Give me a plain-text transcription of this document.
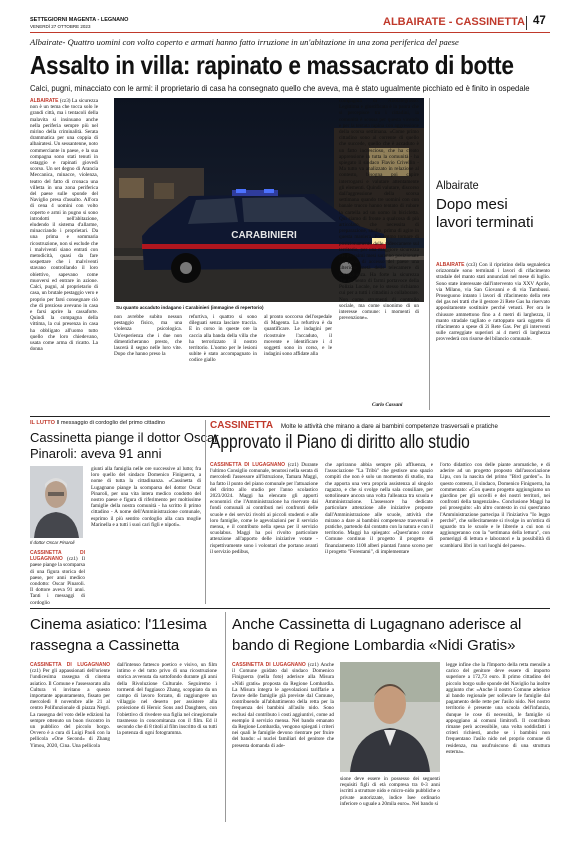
SETTEGIORNI MAGENTA - LEGNANO
VENERDÌ 27 OTTOBRE 2023	ALBAIRATE - CASSINETTA 47
Albairate- Quattro uomini con volto coperto e armati hanno fatto irruzione in un'abitazione in una zona periferica del paese
Assalto in villa: rapinato e massacrato di botte
Calci, pugni, minacciato con le armi: il proprietario di casa ha consegnato quello che aveva, ma è stato ugualmente picchiato ed è finito in ospedale
ALBAIRATE (cz3) La sicurezza non è un tema che tocca solo le grandi città, ma i tentacoli della malavita si insinuano anche nella periferia sempre più nel mirino della criminalità. Serata drammatica per una coppia di albairatesi. Un sessantenne, noto commerciante in paese, e la sua compagna sono stati tenuti in ostaggio e rapinati giovedì scorso. Un set degno di Arancia Meccanica, minacce, violenza, teatro del fatto di cronaca una villetta in una zona periferica del paese sulle sponde del Naviglio presa d'assalto. All'ora di cena 4 uomini con volto coperto e armi in pugno si sono introdotti nell'abitazione, eludendo il sistema d'allarme, minacciando i proprietari. Da una prima e sommaria ricostruzione, non si esclude che i malviventi siano entrati con metodicità, quasi da fare sospettare che i malviventi stavano controllando il loro obiettivo, sapevano come muoversi ed entrare in azione. Calci, pugni, al proprietario di casa, un brutale pestaggio vero e proprio per farsi consegnare ciò che di prezioso avevano in casa e farsi aprire la cassaforte. Quindi la compagna della vittima, la cui presenza in casa ha obbligato all'uomo tutto quello che loro chiedevano, usata come arma di ricatto. La donna
CARABINIERI
Su quanto accaduto indagano i Carabinieri (immagine di repertorio)
non avrebbe subito nessun pestaggio fisico, ma una violenza psicologica. Un'esperienza che i due non dimenticheranno presto, che lascerà il segno nelle loro vite. Dopo che hanno preso la
refurtiva, i quattro si sono dileguati senza lasciare traccia. E in corso in queste ore la caccia alla banda della villa che ha terrorizzato il nostro territorio. L'uomo per le lesioni subite è stato accompagnato in codice giallo
al pronto soccorso dell'ospedale di Magenta. La refurtiva è da quantificare. Le indagini per ricostruire l'accaduto, il movente e identificare i 4 soggetti sono in corso, e le indagini sono affidate alla
compagnia di Abbiategrasso. Legittima e giustificata è la paura che si percepisce tra i cittadini, la comunità è scossa per questa vicenda e per la tentata rapina con aggressione della scorsa settimana. «Come primo cittadino sono al corrente di quello che succede, quello che è accaduto è un fatto increscioso, che ha creato apprensione in tutta la comunità - ha spiegato il sindaco Flavio Crivellin - Ma tutto va analizzato in relazione al contesto, bisogna poi capire interrogarsi e valutare attentamente gli elementi. Quindi valutare, discorso dall'aggressione della scorsa settimana quando tre uomini con con banale trucco hanno tentato di rubare la cartella ad un uomo in bicicletta. Qui siamo di fronte a qualcosa di più articolato, che necessita di preparazione, studio, prima di agire in questa maniera. Potremmo tornare di posizionamento delle videocamere sul territorio, per una maggiore sicurezza nei prossimi mesi saranno posizionate sui punti di accesso del paese una ulteriore metà delle telecamere di sorveglianza. Ha forte la sicurezza che mi sento di farmi portavoce della Polizia Locale, ne lo stesso richiamo cui per a tutti i cittadini a collaborare. Non come strumenti di controllo sociale, ma come sinonimo di un interesse comune: i momenti di prevenzione».
Carlo Cassani
Albairate
Dopo mesi lavori terminati
ALBAIRATE (cz3) Con il ripristino della segnaletica orizzontale sono terminati i lavori di rifacimento stradale del manto stati annunciati nel mese di luglio. Sono state interessate dall'intervento via XXV Aprile, via Milano, via San Giovanni e di via Tambussi. Proseguono intanto i lavori di rifacimento della rete del gas nei tratti che il gestore 2i Rete Gas ha riservato appositamente sostituire perché vetusti. Per ora le chiusure ammettono fino a 4 metri di larghezza, il manto stradale tagliato e rattoppato sarà oggetto di rifacimento a spese di 2i Rete Gas. Per gli interventi sulle carreggiate superiori ai 4 metri di larghezza provvederà con risorse del bilancio comunale.
IL LUTTO Il messaggio di cordoglio del primo cittadino
Cassinetta piange il dottor Oscar Pinaroli: aveva 91 anni
Il dottor Oscar Pinaroli
CASSINETTA DI LUGAGNANO (cz1) Il paese piange la scomparsa di una figura storica del paese, per anni medico condotto: Oscar Pinaroli. Il dottore aveva 91 anni. Tanti i messaggi di cordoglio
giunti alla famiglia nelle ore successive al lutto; fra loro quello del sindaco Domenico Finiguerra, a nome di tutta la cittadinanza. «Cassinetta di Lugagnano piange la scomparsa del dottor Oscar Pinaroli, per una vita intera medico condotto del nostro paese e figura di riferimento per moltissime famiglie della nostra comunità - ha scritto il primo cittadino - A nome dell'Amministrazione comunale, esprimo il più sentito cordoglio alla cara moglie Marinella e a tutti i suoi cari figli e nipoti».
CASSINETTA Molte le attività che mirano a dare ai bambini competenze trasversali e pratiche
Approvato il Piano di diritto allo studio
CASSINETTA DI LUGAGNANO (cz1) Durante l'ultimo Consiglio comunale, tenutosi nella serata di mercoledì l'assessore all'Istruzione, Tamara Maggi, ha fatto il punto del piano comunale per l'attuazione del diritto allo studio per l'anno scolastico 2023/2024. Maggi ha elencato gli apporti economici che l'Amministrazione ha riservato dai fondi comunali ai contributi nei confronti delle scuole e dei servizi rivolti ai piccoli studenti e alle loro famiglie, come le agevolazioni per il servizio mensa, e il contributo nella spesa per il servizio scuolabus. Maggi ha poi rivolto particolare attenzione all'apporto delle iniziative votate - rispettivamente sono i volontari che portano avanti il servizio pedibus,
che apriranno abbia sempre più affluenza, e l'associazione "La Tribù" che gestisce uno spazio compiti che non è solo un momento di studio, ma che apporta una vera propria assistenza al singolo ragazzo, e che si svolge nella sala consiliare, per sottolineare ancora una volta l'alleanza tra scuola e Amministrazione. L'assessore ha dedicato particolare attenzione alle iniziative proposte dall'Amministrazione alle scuole, attività che mirano a dare ai bambini competenze trasversali e pratiche, partendo dal contatto con la natura e con il territorio. Maggi ha spiegato: «Quest'anno come Comune continuo il progetto il progetto di finanziamento 1100 alberi piantati l'anno scorso per il progetto "Forestami", di implementare
l'orto didattico con delle piante aromatiche, e di aderire ad un progetto proposto dall'associazione Lipu, con la nascita del primo "Bird garden"». In questo contesto, il sindaco, Domenico Finiguerra, ha commentato: «Con questo progetto aggiungiamo un giardino per gli uccelli e dei nostri territori, nei confronti della tangenziale». Conclusione Maggi ha poi proseguito: «In altro contesto in cui quest'anno l'Amministrazione partecipa il l'iniziativa "Io leggo perché", che sollecitamente si rivolge in un'ottica di sguardo tra le scuole e le librerie a cui non si aggiungeranno con la "settimana della lettura", con pomeriggi di lettura e laboratori e la possibilità di scambiarsi libri in vari luoghi del paese».
Cinema asiatico: l'11esima rassegna a Cassinetta
CASSINETTA DI LUGAGNANO (cz1) Per gli appassionati dell'oriente l'undicesima rassegna di cinema asiatico. Il Comune e l'assessorato alla Cultura vi invitano a questo importante appuntamento, fissato per mercoledì 8 novembre alle 21 al centro Polifunzionale di piazza Negri. La rassegna del voto delle edizioni ha sempre ottenuto un buon riscontro in un pubblico del piccolo borgo. Ovvero è a cura di Luigi Paoli con la pellicola «One Second» di Zhang Yimou, 2020, Cina. Una pellicola
dall'intenso fattesco poetico e visivo, un film intimo e del tutto privo di una ricostruzione storica avvenuta da sottofondo durante gli anni della Rivoluzione Culturale. Seguiremo i tormenti del fuggiasco Zhang, scoppiato da un campo di lavoro forzato, di raggiungere un villaggio nel deserto per assistere alla proiezione di Heroic Sons and Daughters, con l'obiettivo di rivedere sua figlia nel cinegiornale trasmesso in concomitanza con il film. Ed il secondo che di 8 titoli al film inscritto di su tutti la potenza di ogni fotogramma.
Anche Cassinetta di Lugagnano aderisce al bando di Regione Lombardia «Nidi Gratis»
CASSINETTA DI LUGAGNANO (cz1) Anche il Comune guidato dal sindaco Domenico Finiguerra (nella foto) aderisce alla Misura «Nidi gratis» proposta da Regione Lombardia. La Misura integra le agevolazioni tariffarie a favore delle famiglie già previste dal Comune, contribuendo all'abbattimento della retta per la frequenza dei bambini all'asilo nido. Sono esclusi dal contributo i costi aggiuntivi, come ad esempio il servizio mensa. Nel bando emanato da Regione Lombardia, vengono spiegati i criteri nei quali le famiglie devono rientrare per fruire del bando: «i nuclei familiari del genitore che presenta domanda di ade-
sione deve essere in possesso dei seguenti requisiti figli di età compresa tra 0-3 anni iscritti a strutture nido e micro-nido pubbliche o private autorizzate, indice Isee ordinario inferiore o uguale a 20mila euro». Nel bando si
legge infine che la l'Importo della retta mensile a carico del genitore deve essere di importo superiore a 172,73 euro. Il primo cittadino del piccolo borgo sulle sponde del Naviglio ha inoltre aggiunto che: «Anche il nostro Comune aderisce al bando regionale per sollevare le famiglie dal pagamento delle rette per l'asilo nido. Nel nostro territorio è presente una scuola dell'infanzia, dunque le cose di necessità, le famiglie si appoggiano ai comuni limitrofi. Il contributo rimane però accessibile, una volta soddisfatti i criteri richiesti, anche se i bambini non frequentano l'asilo nido nel proprio comune di residenza, ma usufruiscono di una struttura esterna».
